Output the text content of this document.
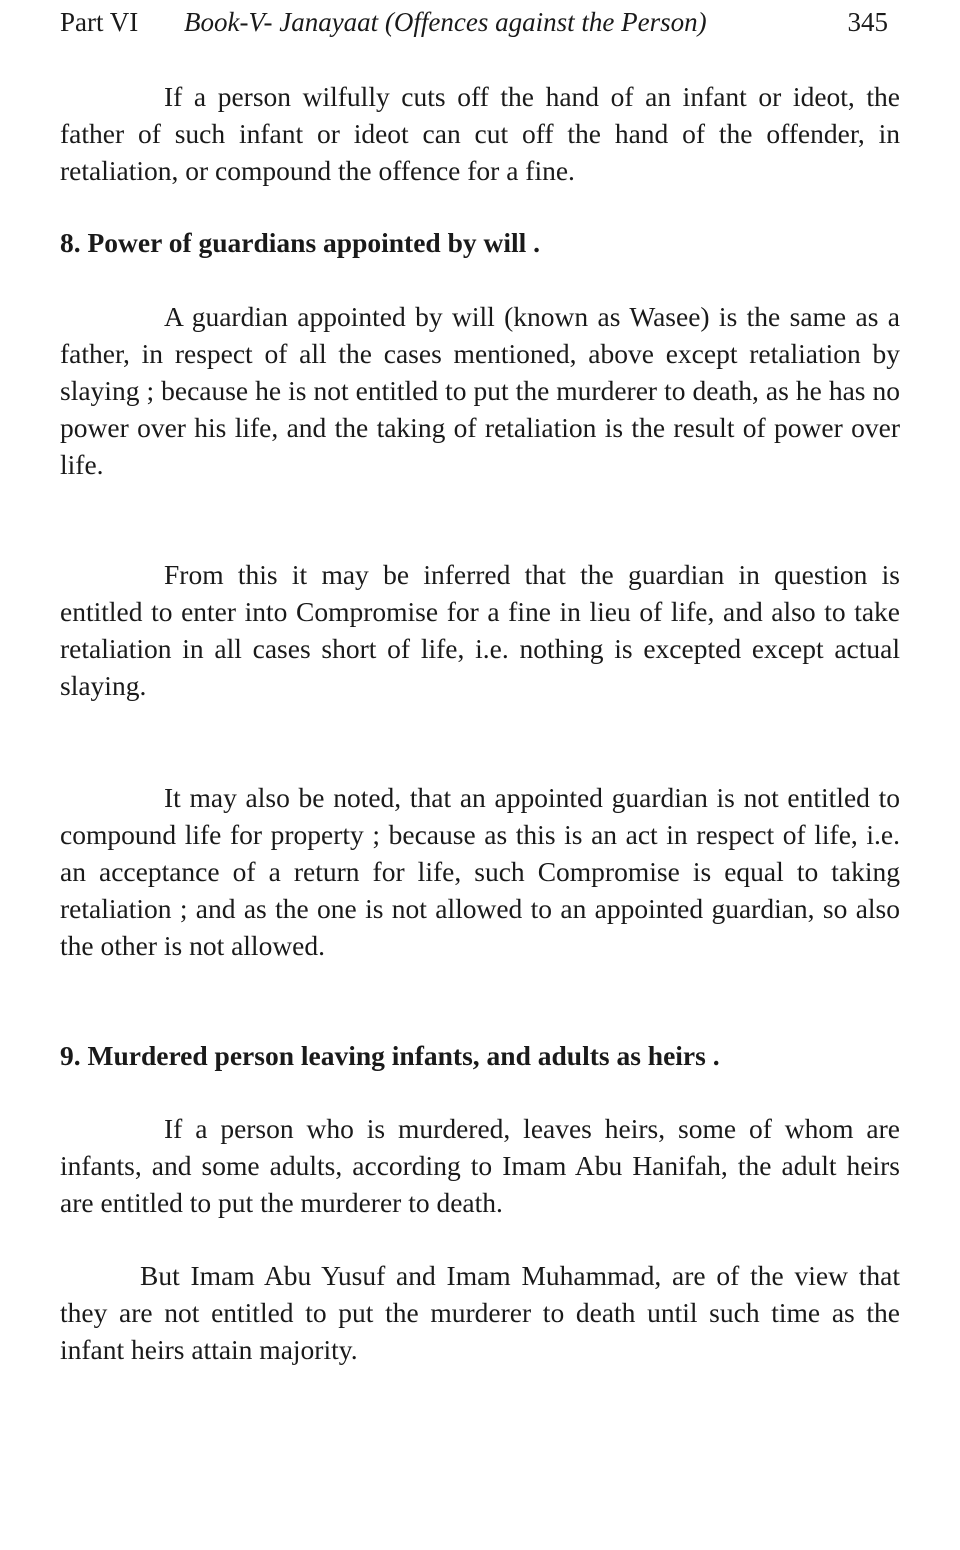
Part VI Book-V- Janayaat (Offences against the Person)	345

If a person wilfully cuts off the hand of an infant or ideot, the father of such infant or ideot can cut off the hand of the offender, in retaliation, or compound the offence for a fine.

8. Power of guardians appointed by will .

A guardian appointed by will (known as Wasee) is the same as a father, in respect of all the cases mentioned, above except retaliation by slaying ; because he is not entitled to put the murderer to death, as he has no power over his life, and the taking of retaliation is the result of power over life.

From this it may be inferred that the guardian in question is entitled to enter into Compromise for a fine in lieu of life, and also to take retaliation in all cases short of life, i.e. nothing is excepted except actual slaying.

It may also be noted, that an appointed guardian is not entitled to compound life for property ; because as this is an act in respect of life, i.e. an acceptance of a return for life, such Compromise is equal to taking retaliation ; and as the one is not allowed to an appointed guardian, so also the other is not allowed.

9. Murdered person leaving infants, and adults as heirs .

If a person who is murdered, leaves heirs, some of whom are infants, and some adults, according to Imam Abu Hanifah, the adult heirs are entitled to put the murderer to death.

But Imam Abu Yusuf and Imam Muhammad, are of the view that they are not entitled to put the murderer to death until such time as the infant heirs attain majority.
